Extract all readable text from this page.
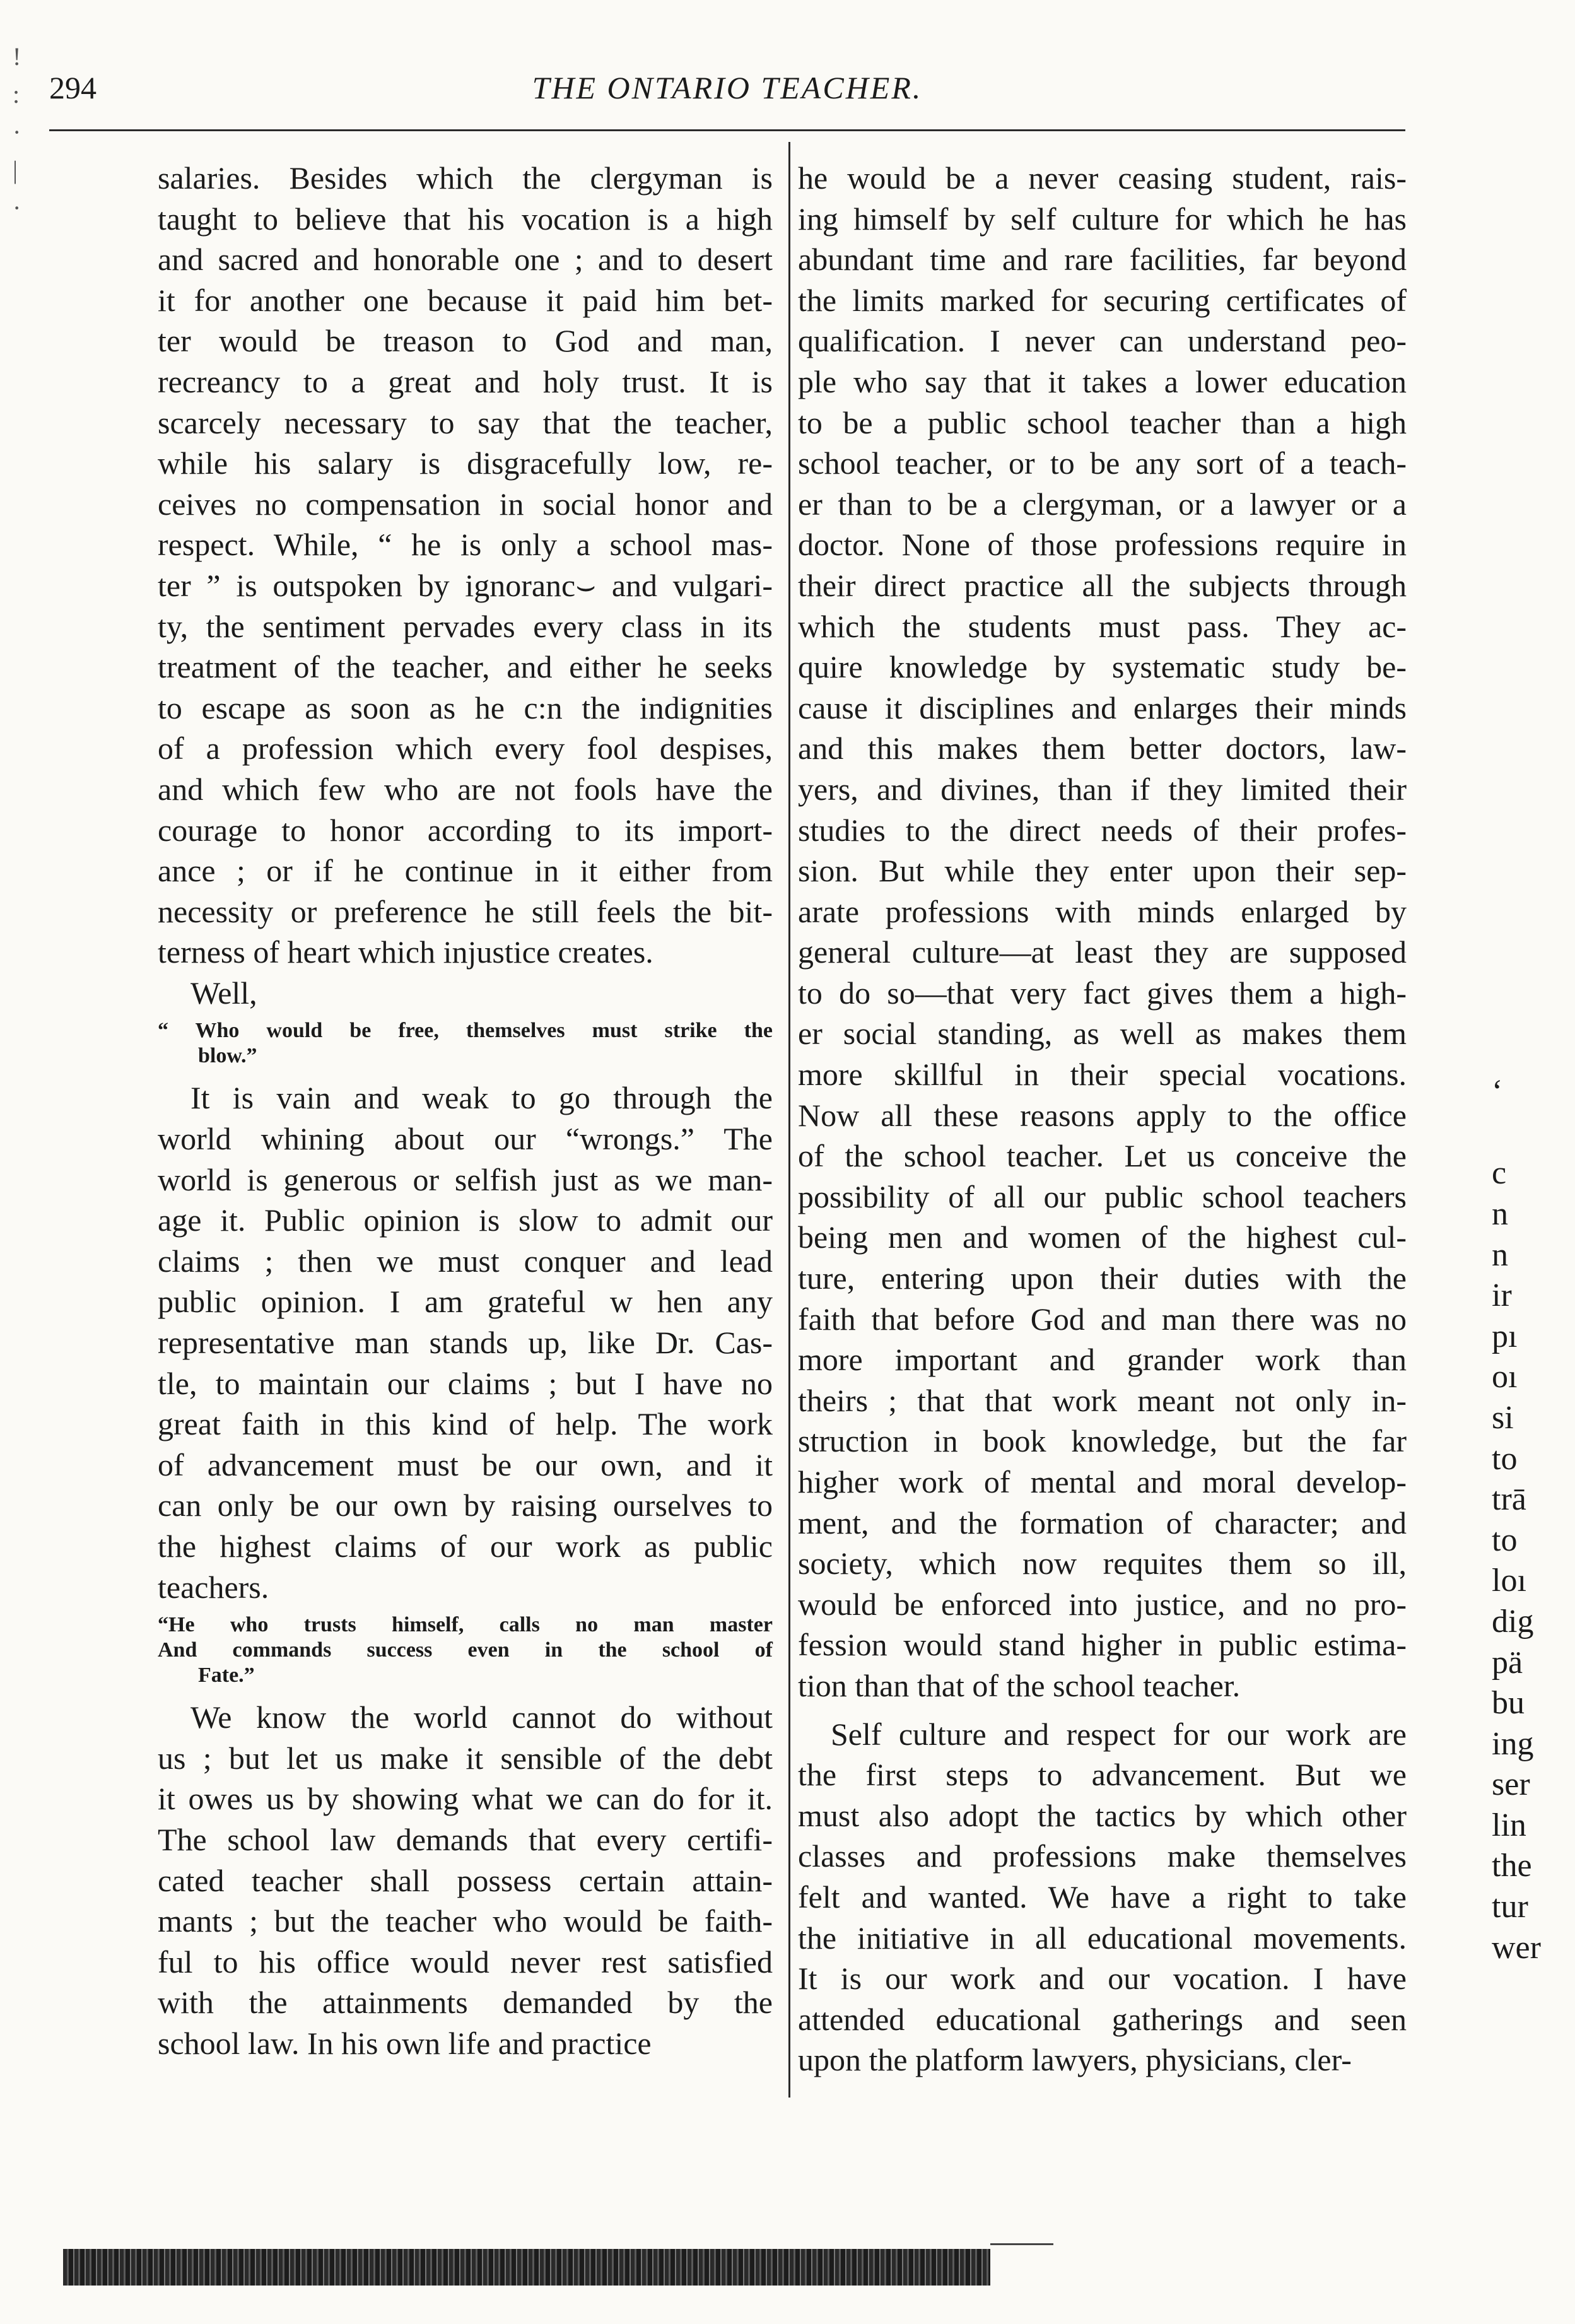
!
:
·
|
·
294	THE ONTARIO TEACHER.
salaries. Besides which the clergyman is
taught to believe that his vocation is a high
and sacred and honorable one ; and to desert
it for another one because it paid him bet-
ter would be treason to God and man,
recreancy to a great and holy trust. It is
scarcely necessary to say that the teacher,
while his salary is disgracefully low, re-
ceives no compensation in social honor and
respect. While, “ he is only a school mas-
ter ” is outspoken by ignoranc⌣ and vulgari-
ty, the sentiment pervades every class in its
treatment of the teacher, and either he seeks
to escape as soon as he c:n the indignities
of a profession which every fool despises,
and which few who are not fools have the
courage to honor according to its import-
ance ; or if he continue in it either from
necessity or preference he still feels the bit-
terness of heart which injustice creates.
Well,
“ Who would be free, themselves must strike the
blow.”
It is vain and weak to go through the
world whining about our “wrongs.” The
world is generous or selfish just as we man-
age it. Public opinion is slow to admit our
claims ; then we must conquer and lead
public opinion. I am grateful w hen any
representative man stands up, like Dr. Cas-
tle, to maintain our claims ; but I have no
great faith in this kind of help. The work
of advancement must be our own, and it
can only be our own by raising ourselves to
the highest claims of our work as public
teachers.
“He who trusts himself, calls no man master
And commands success even in the school of
Fate.”
We know the world cannot do without
us ; but let us make it sensible of the debt
it owes us by showing what we can do for it.
The school law demands that every certifi-
cated teacher shall possess certain attain-
mants ; but the teacher who would be faith-
ful to his office would never rest satisfied
with the attainments demanded by the
school law. In his own life and practice
he would be a never ceasing student, rais-
ing himself by self culture for which he has
abundant time and rare facilities, far beyond
the limits marked for securing certificates of
qualification. I never can understand peo-
ple who say that it takes a lower education
to be a public school teacher than a high
school teacher, or to be any sort of a teach-
er than to be a clergyman, or a lawyer or a
doctor. None of those professions require in
their direct practice all the subjects through
which the students must pass. They ac-
quire knowledge by systematic study be-
cause it disciplines and enlarges their minds
and this makes them better doctors, law-
yers, and divines, than if they limited their
studies to the direct needs of their profes-
sion. But while they enter upon their sep-
arate professions with minds enlarged by
general culture—at least they are supposed
to do so—that very fact gives them a high-
er social standing, as well as makes them
more skillful in their special vocations.
Now all these reasons apply to the office
of the school teacher. Let us conceive the
possibility of all our public school teachers
being men and women of the highest cul-
ture, entering upon their duties with the
faith that before God and man there was no
more important and grander work than
theirs ; that that work meant not only in-
struction in book knowledge, but the far
higher work of mental and moral develop-
ment, and the formation of character; and
society, which now requites them so ill,
would be enforced into justice, and no pro-
fession would stand higher in public estima-
tion than that of the school teacher.
Self culture and respect for our work are
the first steps to advancement. But we
must also adopt the tactics by which other
classes and professions make themselves
felt and wanted. We have a right to take
the initiative in all educational movements.
It is our work and our vocation. I have
attended educational gatherings and seen
upon the platform lawyers, physicians, cler-
‘
c
n
n
ir
pı
oı
si
to
trā
to
loı
dig
pä
bu
ing
ser
lin
the
tur
wer
